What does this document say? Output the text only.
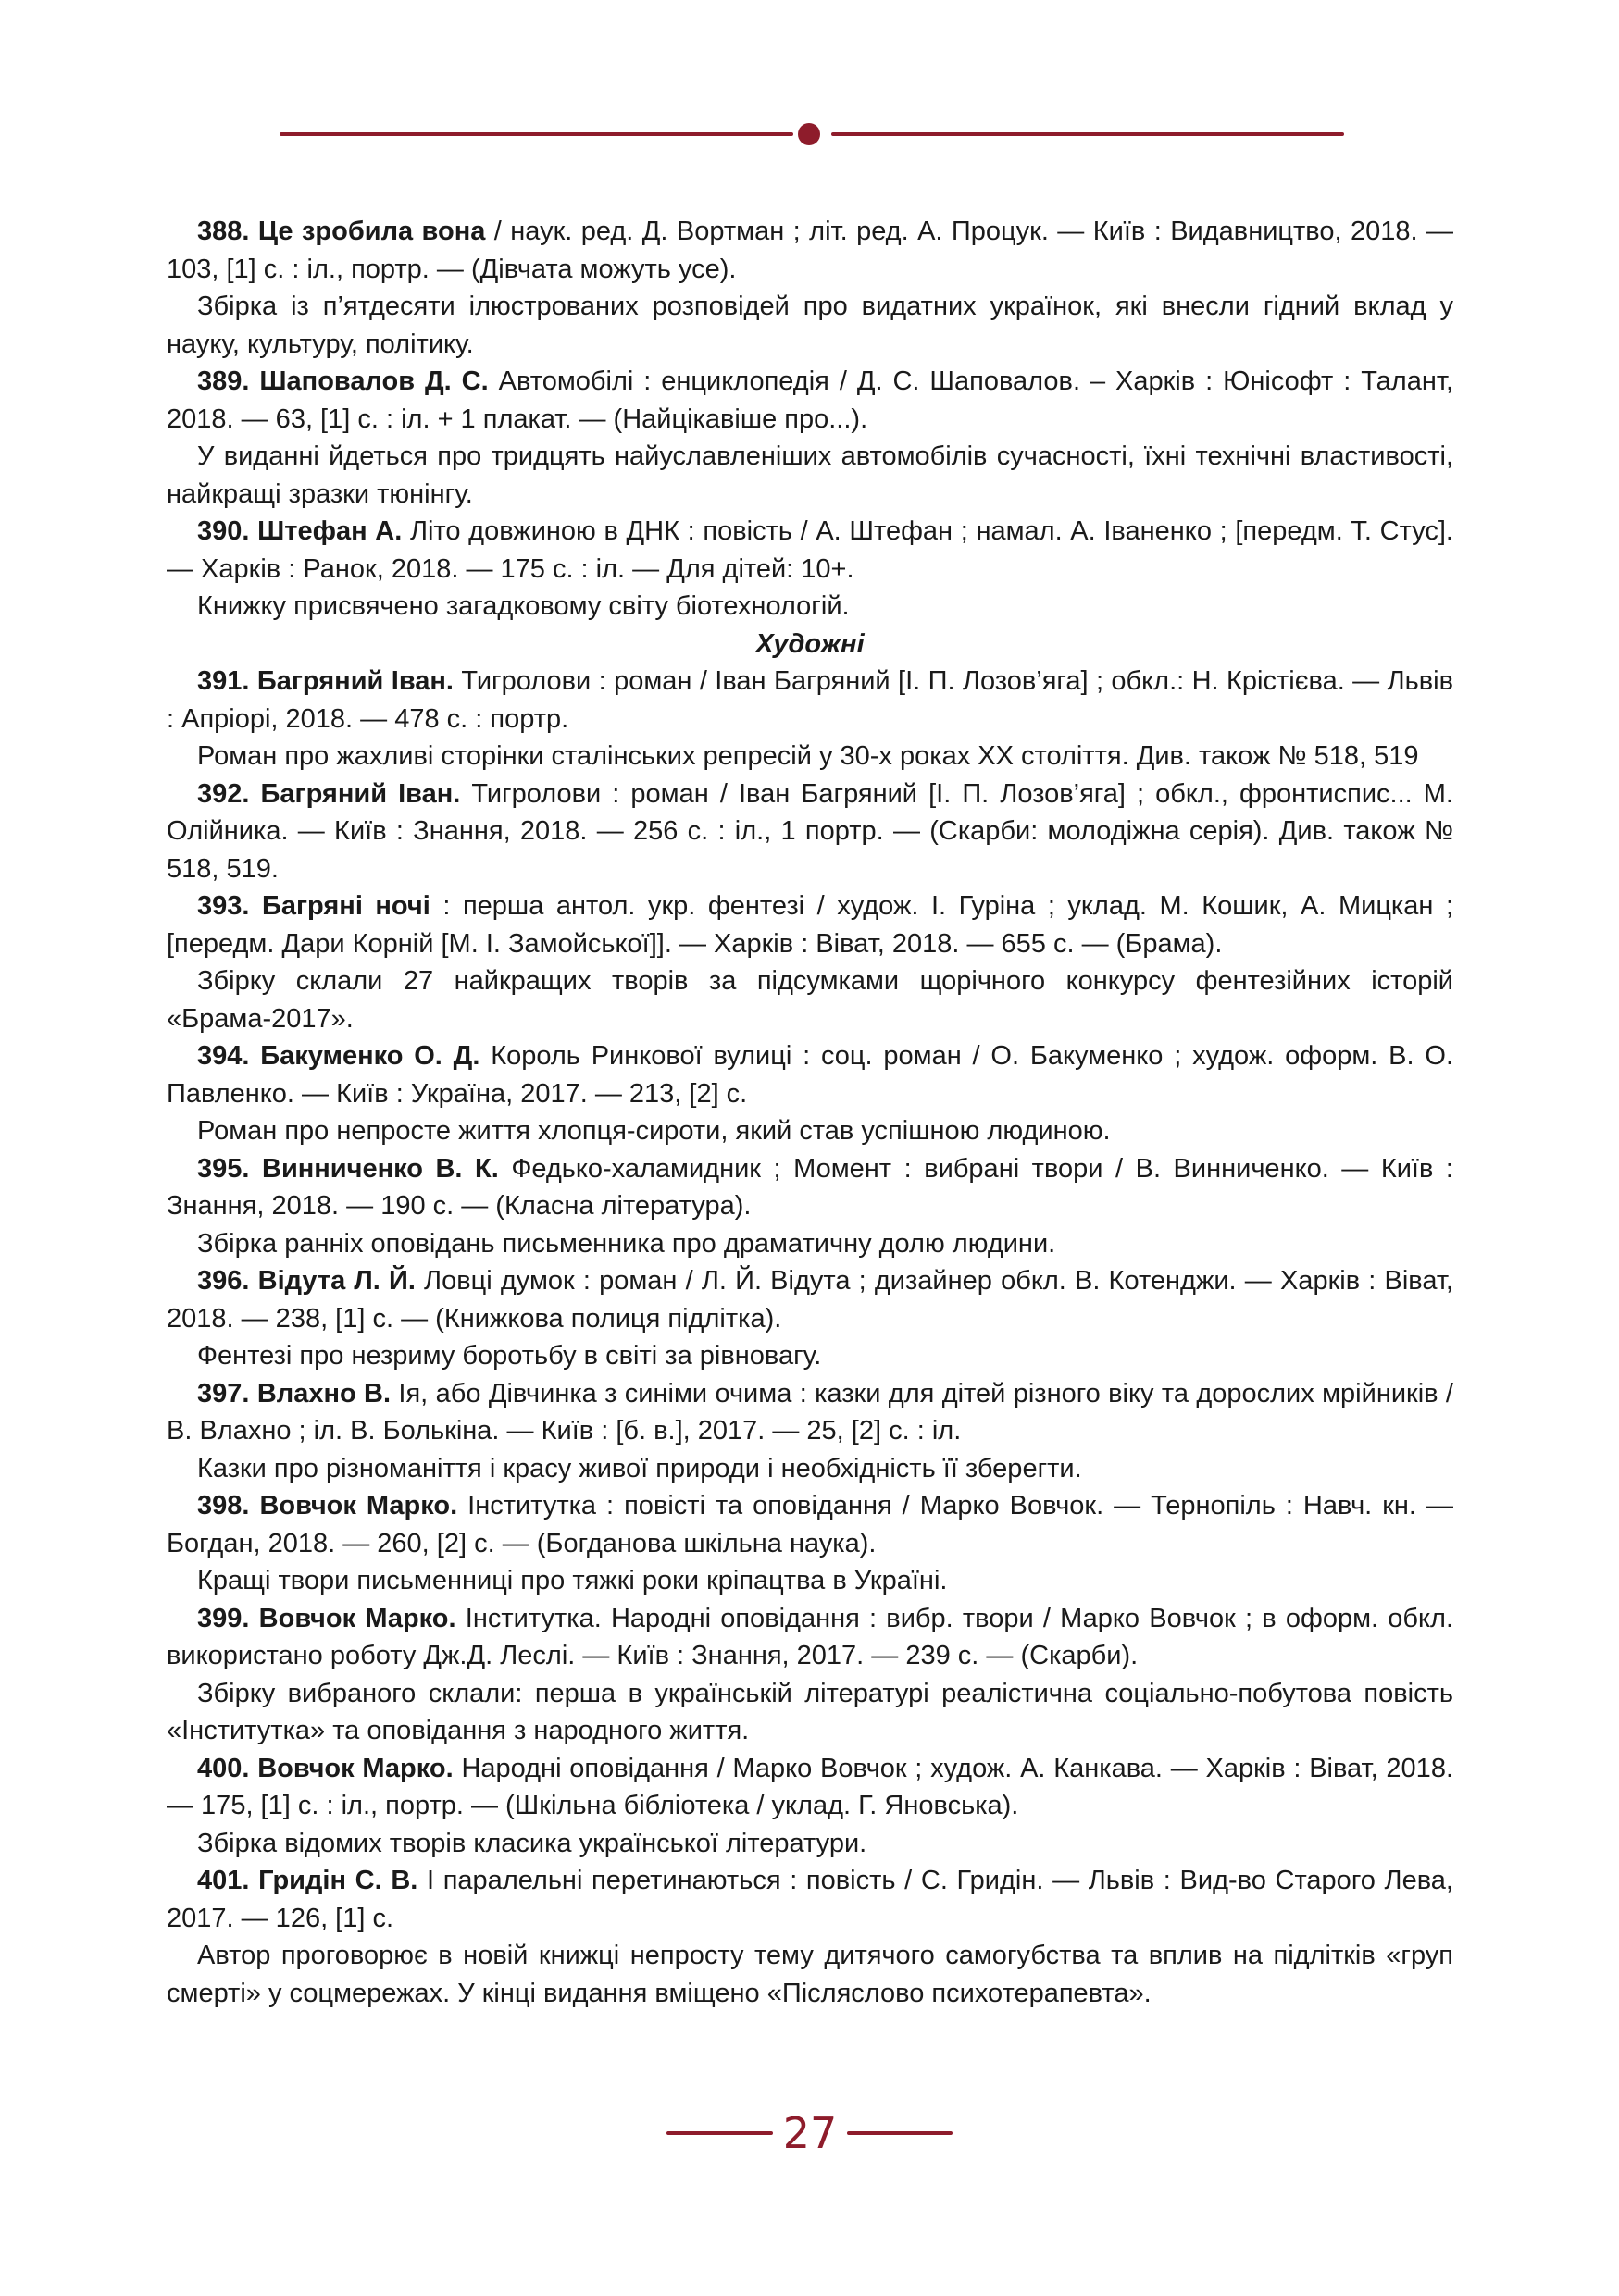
388. Це зробила вона / наук. ред. Д. Вортман ; літ. ред. А. Процук. — Київ : Видавництво, 2018. — 103, [1] с. : іл., портр. — (Дівчата можуть усе).

Збірка із п’ятдесяти ілюстрованих розповідей про видатних українок, які внесли гідний вклад у науку, культуру, політику.

389. Шаповалов Д. С. Автомобілі : енциклопедія / Д. С. Шаповалов. – Харків : Юнісофт : Талант, 2018. — 63, [1] с. : іл. + 1 плакат. — (Найцікавіше про...).

У виданні йдеться про тридцять найуславленіших автомобілів сучасності, їхні технічні властивості, найкращі зразки тюнінгу.

390. Штефан А. Літо довжиною в ДНК : повість / А. Штефан ; намал. А. Іваненко ; [передм. Т. Стус]. — Харків : Ранок, 2018. — 175 с. : іл. — Для дітей: 10+.

Книжку присвячено загадковому світу біотехнологій.

Художні

391. Багряний Іван. Тигролови : роман / Іван Багряний [І. П. Лозов’яга] ; обкл.: Н. Крістієва. — Львів : Апріорі, 2018. — 478 с. : портр.

Роман про жахливі сторінки сталінських репресій у 30-х роках ХХ століття. Див. також № 518, 519

392. Багряний Іван. Тигролови : роман / Іван Багряний [І. П. Лозов’яга] ; обкл., фронтиспис... М. Олійника. — Київ : Знання, 2018. — 256 с. : іл., 1 портр. — (Скарби: молодіжна серія). Див. також № 518, 519.

393. Багряні ночі : перша антол. укр. фентезі / худож. І. Гуріна ; уклад. М. Кошик, А. Мицкан ; [передм. Дари Корній [М. І. Замойської]]. — Харків : Віват, 2018. — 655 с. — (Брама).

Збірку склали 27 найкращих творів за підсумками щорічного конкурсу фентезійних історій «Брама-2017».

394. Бакуменко О. Д. Король Ринкової вулиці : соц. роман / О. Бакуменко ; худож. оформ. В. О. Павленко. — Київ : Україна, 2017. — 213, [2] с.

Роман про непросте життя хлопця-сироти, який став успішною людиною.

395. Винниченко В. К. Федько-халамидник ; Момент : вибрані твори / В. Винниченко. — Київ : Знання, 2018. — 190 с. — (Класна література).

Збірка ранніх оповідань письменника про драматичну долю людини.

396. Відута Л. Й. Ловці думок : роман / Л. Й. Відута ; дизайнер обкл. В. Котенджи. — Харків : Віват, 2018. — 238, [1] с. — (Книжкова полиця підлітка).

Фентезі про незриму боротьбу в світі за рівновагу.

397. Влахно В. Ія, або Дівчинка з синіми очима : казки для дітей різного віку та дорослих мрійників / В. Влахно ; іл. В. Болькіна. — Київ : [б. в.], 2017. — 25, [2] с. : іл.

Казки про різноманіття і красу живої природи і необхідність її зберегти.

398. Вовчок Марко. Інститутка : повісті та оповідання / Марко Вовчок. — Тернопіль : Навч. кн. — Богдан, 2018. — 260, [2] с. — (Богданова шкільна наука).

Кращі твори письменниці про тяжкі роки кріпацтва в Україні.

399. Вовчок Марко. Інститутка. Народні оповідання : вибр. твори / Марко Вовчок ; в оформ. обкл. використано роботу Дж.Д. Леслі. — Київ : Знання, 2017. — 239 с. — (Скарби).

Збірку вибраного склали: перша в українській літературі реалістична соціально-побутова повість «Інститутка» та оповідання з народного життя.

400. Вовчок Марко. Народні оповідання / Марко Вовчок ; худож. А. Канкава. — Харків : Віват, 2018. — 175, [1] с. : іл., портр. — (Шкільна бібліотека / уклад. Г. Яновська).

Збірка відомих творів класика української літератури.

401. Гридін С. В. І паралельні перетинаються : повість / С. Гридін. — Львів : Вид-во Старого Лева, 2017. — 126, [1] с.

Автор проговорює в новій книжці непросту тему дитячого самогубства та вплив на підлітків «груп смерті» у соцмережах. У кінці видання вміщено «Післяслово психотерапевта».

27
